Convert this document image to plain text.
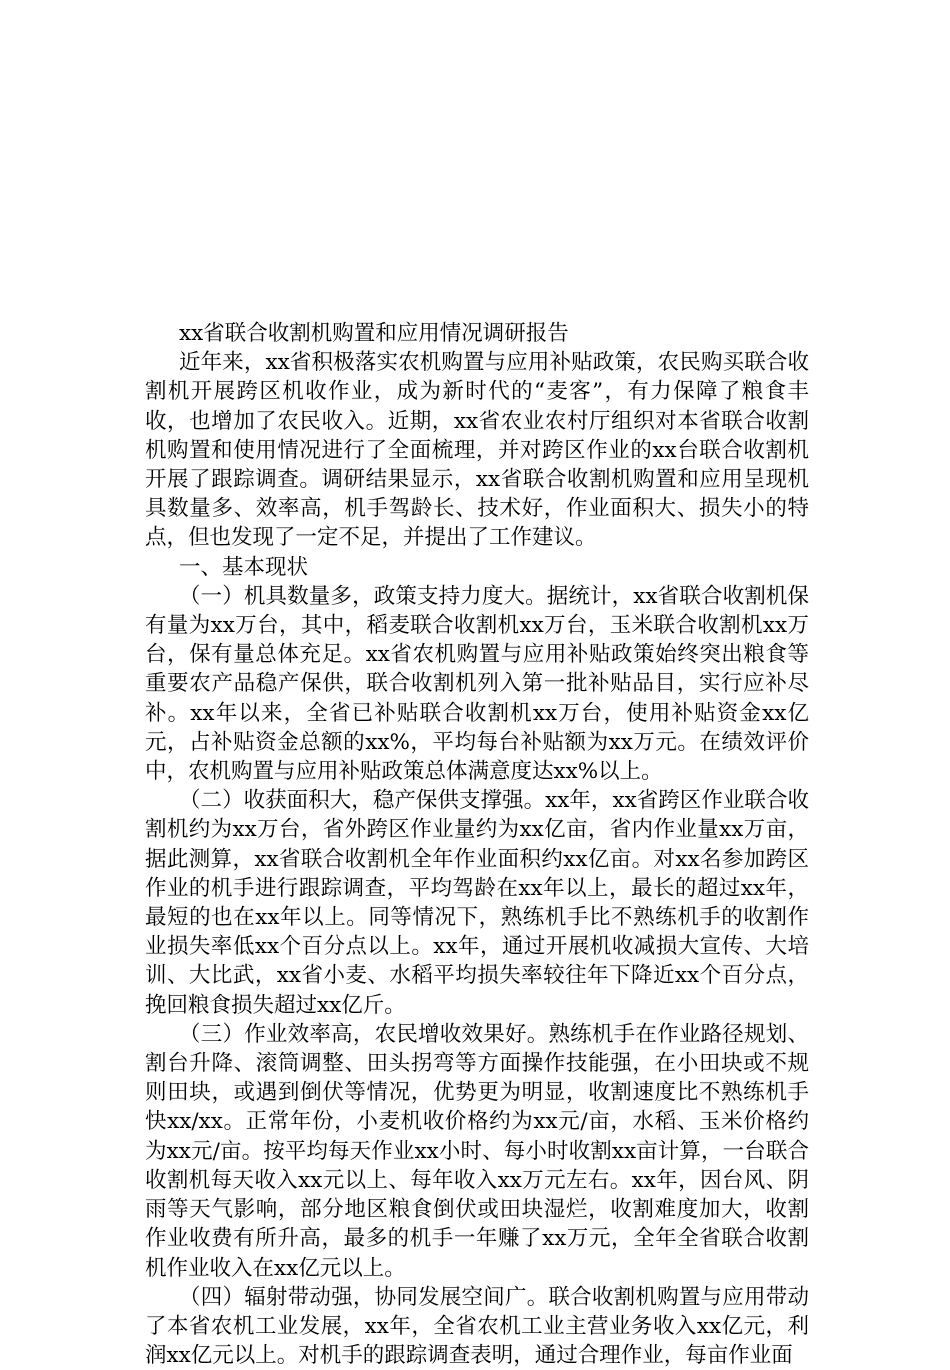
xx省联合收割机购置和应用情况调研报告

近年来，xx省积极落实农机购置与应用补贴政策，农民购买联合收割机开展跨区机收作业，成为新时代的“麦客”，有力保障了粮食丰收，也增加了农民收入。近期，xx省农业农村厅组织对本省联合收割机购置和使用情况进行了全面梳理，并对跨区作业的xx台联合收割机开展了跟踪调查。调研结果显示，xx省联合收割机购置和应用呈现机具数量多、效率高，机手驾龄长、技术好，作业面积大、损失小的特点，但也发现了一定不足，并提出了工作建议。

一、基本现状

（一）机具数量多，政策支持力度大。据统计，xx省联合收割机保有量为xx万台，其中，稻麦联合收割机xx万台，玉米联合收割机xx万台，保有量总体充足。xx省农机购置与应用补贴政策始终突出粮食等重要农产品稳产保供，联合收割机列入第一批补贴品目，实行应补尽补。xx年以来，全省已补贴联合收割机xx万台，使用补贴资金xx亿元，占补贴资金总额的xx%，平均每台补贴额为xx万元。在绩效评价中，农机购置与应用补贴政策总体满意度达xx%以上。

（二）收获面积大，稳产保供支撑强。xx年，xx省跨区作业联合收割机约为xx万台，省外跨区作业量约为xx亿亩，省内作业量xx万亩，据此测算，xx省联合收割机全年作业面积约xx亿亩。对xx名参加跨区作业的机手进行跟踪调查，平均驾龄在xx年以上，最长的超过xx年，最短的也在xx年以上。同等情况下，熟练机手比不熟练机手的收割作业损失率低xx个百分点以上。xx年，通过开展机收减损大宣传、大培训、大比武，xx省小麦、水稻平均损失率较往年下降近xx个百分点，挽回粮食损失超过xx亿斤。

（三）作业效率高，农民增收效果好。熟练机手在作业路径规划、割台升降、滚筒调整、田头拐弯等方面操作技能强，在小田块或不规则田块，或遇到倒伏等情况，优势更为明显，收割速度比不熟练机手快xx/xx。正常年份，小麦机收价格约为xx元/亩，水稻、玉米价格约为xx元/亩。按平均每天作业xx小时、每小时收割xx亩计算，一台联合收割机每天收入xx元以上、每年收入xx万元左右。xx年，因台风、阴雨等天气影响，部分地区粮食倒伏或田块湿烂，收割难度加大，收割作业收费有所升高，最多的机手一年赚了xx万元，全年全省联合收割机作业收入在xx亿元以上。

（四）辐射带动强，协同发展空间广。联合收割机购置与应用带动了本省农机工业发展，xx年，全省农机工业主营业务收入xx亿元，利润xx亿元以上。对机手的跟踪调查表明，通过合理作业，每亩作业面
